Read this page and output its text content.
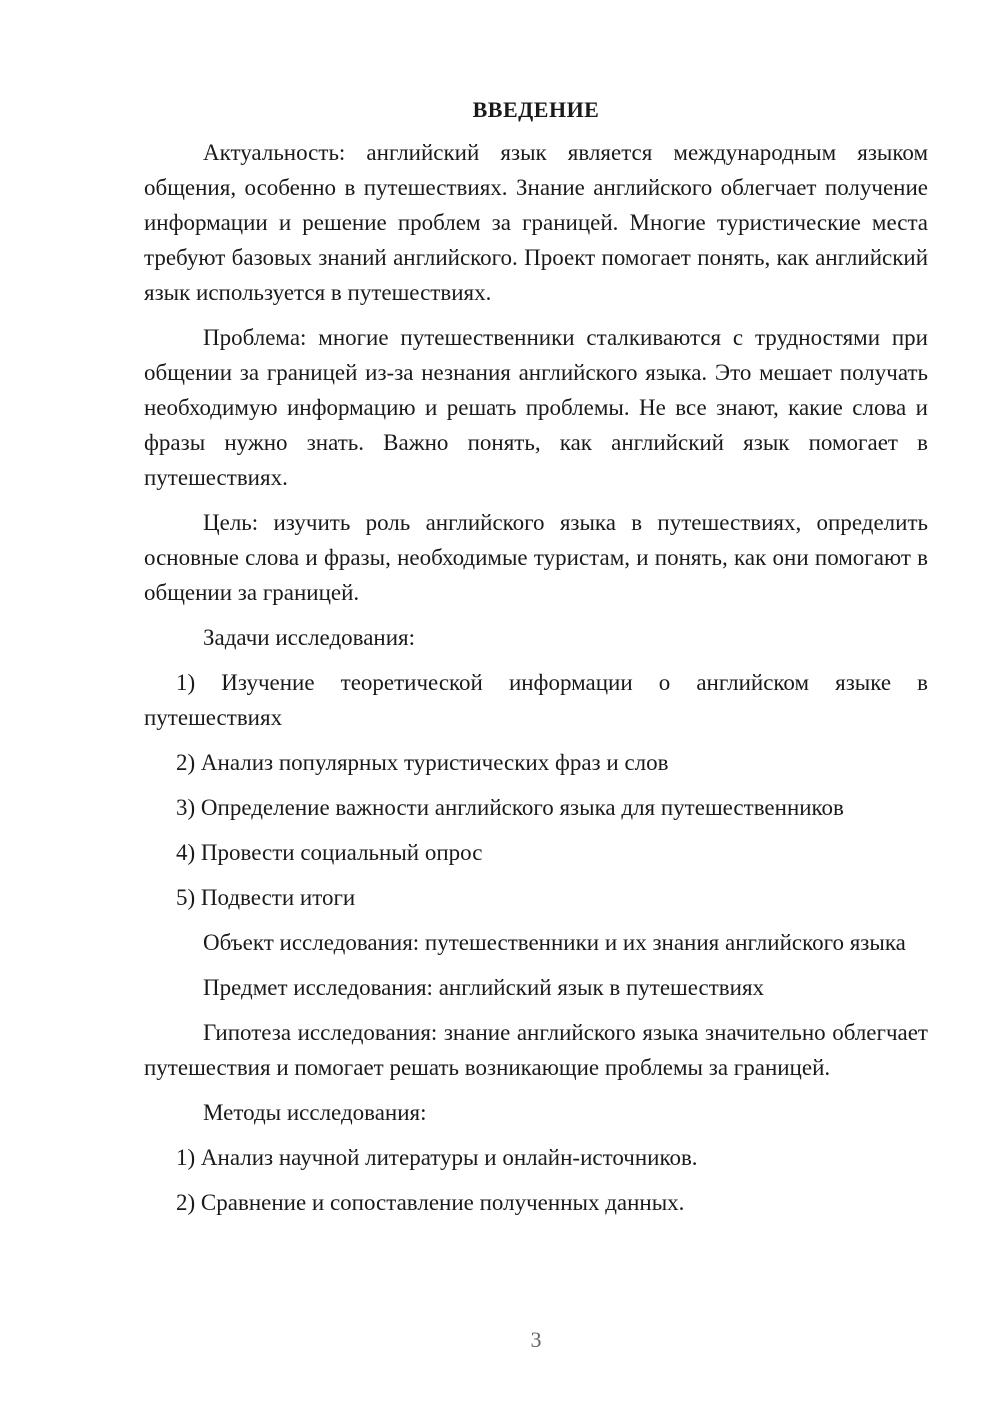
ВВЕДЕНИЕ

Актуальность: английский язык является международным языком общения, особенно в путешествиях. Знание английского облегчает получение информации и решение проблем за границей. Многие туристические места требуют базовых знаний английского. Проект помогает понять, как английский язык используется в путешествиях.

Проблема: многие путешественники сталкиваются с трудностями при общении за границей из-за незнания английского языка. Это мешает получать необходимую информацию и решать проблемы. Не все знают, какие слова и фразы нужно знать. Важно понять, как английский язык помогает в путешествиях.

Цель: изучить роль английского языка в путешествиях, определить основные слова и фразы, необходимые туристам, и понять, как они помогают в общении за границей.

Задачи исследования:

1) Изучение теоретической информации о английском языке в путешествиях

2) Анализ популярных туристических фраз и слов

3) Определение важности английского языка для путешественников

4) Провести социальный опрос

5) Подвести итоги

Объект исследования: путешественники и их знания английского языка

Предмет исследования: английский язык в путешествиях

Гипотеза исследования: знание английского языка значительно облегчает путешествия и помогает решать возникающие проблемы за границей.

Методы исследования:

1) Анализ научной литературы и онлайн-источников.

2) Сравнение и сопоставление полученных данных.

3
